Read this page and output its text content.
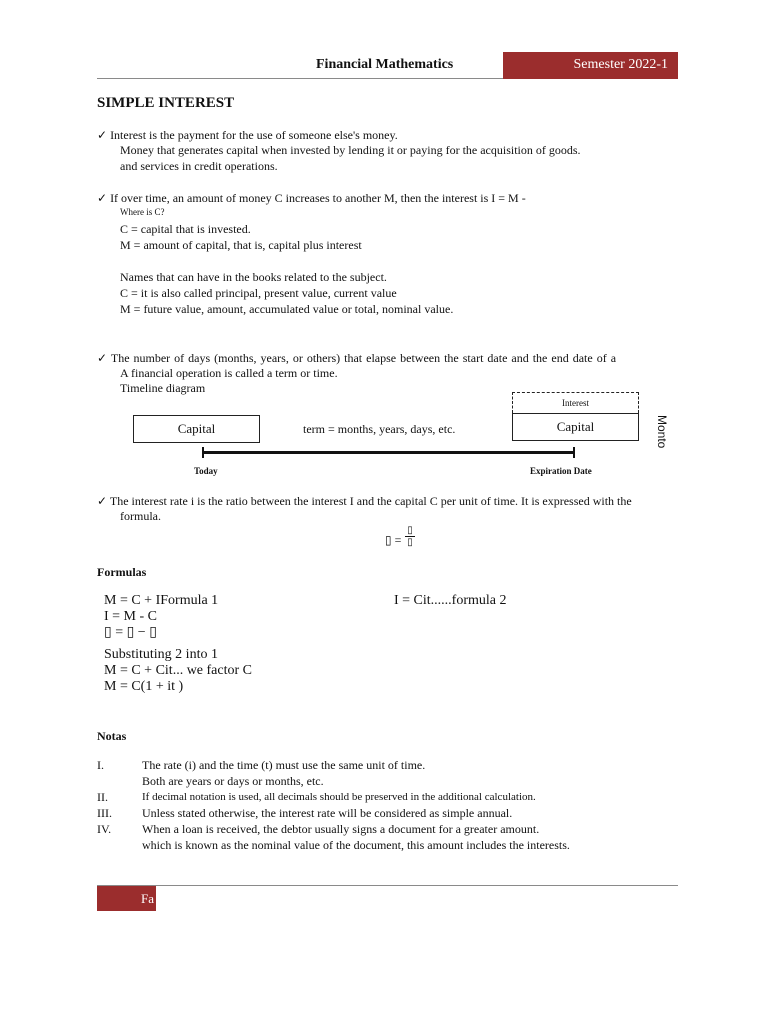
Financial Mathematics	Semester 2022-1
SIMPLE INTEREST
✓ Interest is the payment for the use of someone else's money.
Money that generates capital when invested by lending it or paying for the acquisition of goods.
and services in credit operations.
✓ If over time, an amount of money C increases to another M, then the interest is I = M -
Where is C?
C = capital that is invested.
M = amount of capital, that is, capital plus interest
Names that can have in the books related to the subject.
C = it is also called principal, present value, current value
M = future value, amount, accumulated value or total, nominal value.
✓ The number of days (months, years, or others) that elapse between the start date and the end date of a
A financial operation is called a term or time.
Timeline diagram
Capital	term = months, years, days, etc.
Interest
Capital	Monto
Today	Expiration Date
✓ The interest rate i is the ratio between the interest I and the capital C per unit of time. It is expressed with the
formula.
▯ =
▯
▯
Formulas
M = C + IFormula 1	I = Cit......formula 2
I = M - C
▯ = ▯ − ▯
Substituting 2 into 1
M = C + Cit... we factor C
M = C(1 + it )
Notas
I.	The rate (i) and the time (t) must use the same unit of time.
Both are years or days or months, etc.
II.	If decimal notation is used, all decimals should be preserved in the additional calculation.
III.	Unless stated otherwise, the interest rate will be considered as simple annual.
IV.	When a loan is received, the debtor usually signs a document for a greater amount.
which is known as the nominal value of the document, this amount includes the interests.
Fa
